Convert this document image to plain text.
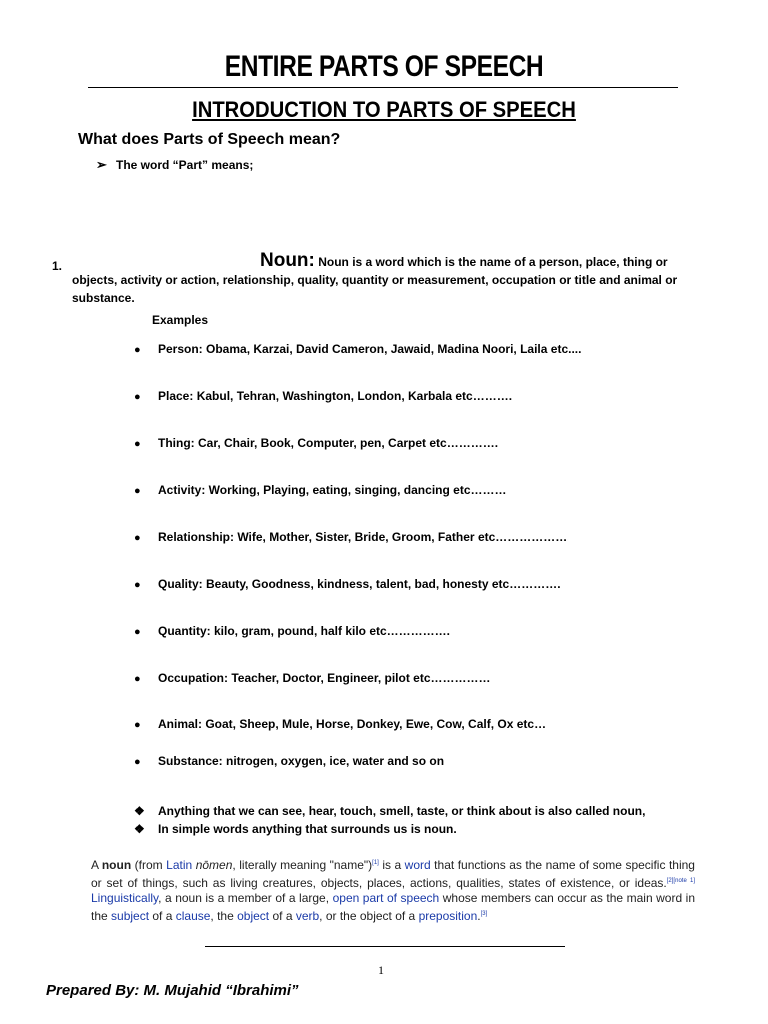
ENTIRE PARTS OF SPEECH
INTRODUCTION TO PARTS OF SPEECH
What does Parts of Speech mean?
➢ The word “Part” means;
1.	Noun: Noun is a word which is the name of a person, place, thing or objects, activity or action, relationship, quality, quantity or measurement, occupation or title and animal or substance.
Examples
● Person: Obama, Karzai, David Cameron, Jawaid, Madina Noori, Laila etc....
● Place: Kabul, Tehran, Washington, London, Karbala etc……….
● Thing: Car, Chair, Book, Computer, pen, Carpet etc………….
● Activity: Working, Playing, eating, singing, dancing etc………
● Relationship: Wife, Mother, Sister, Bride, Groom, Father etc………………
● Quality: Beauty, Goodness, kindness, talent, bad, honesty etc………….
● Quantity: kilo, gram, pound, half kilo etc…………….
● Occupation: Teacher, Doctor, Engineer, pilot etc……………
● Animal: Goat, Sheep, Mule, Horse, Donkey, Ewe, Cow, Calf, Ox etc…
● Substance: nitrogen, oxygen, ice, water and so on
❖ Anything that we can see, hear, touch, smell, taste, or think about is also called noun,
❖ In simple words anything that surrounds us is noun.
A noun (from Latin nōmen, literally meaning "name")[1] is a word that functions as the name of some specific thing or set of things, such as living creatures, objects, places, actions, qualities, states of existence, or ideas.[2][note 1] Linguistically, a noun is a member of a large, open part of speech whose members can occur as the main word in the subject of a clause, the object of a verb, or the object of a preposition.[3]
1
Prepared By: M. Mujahid “Ibrahimi”
